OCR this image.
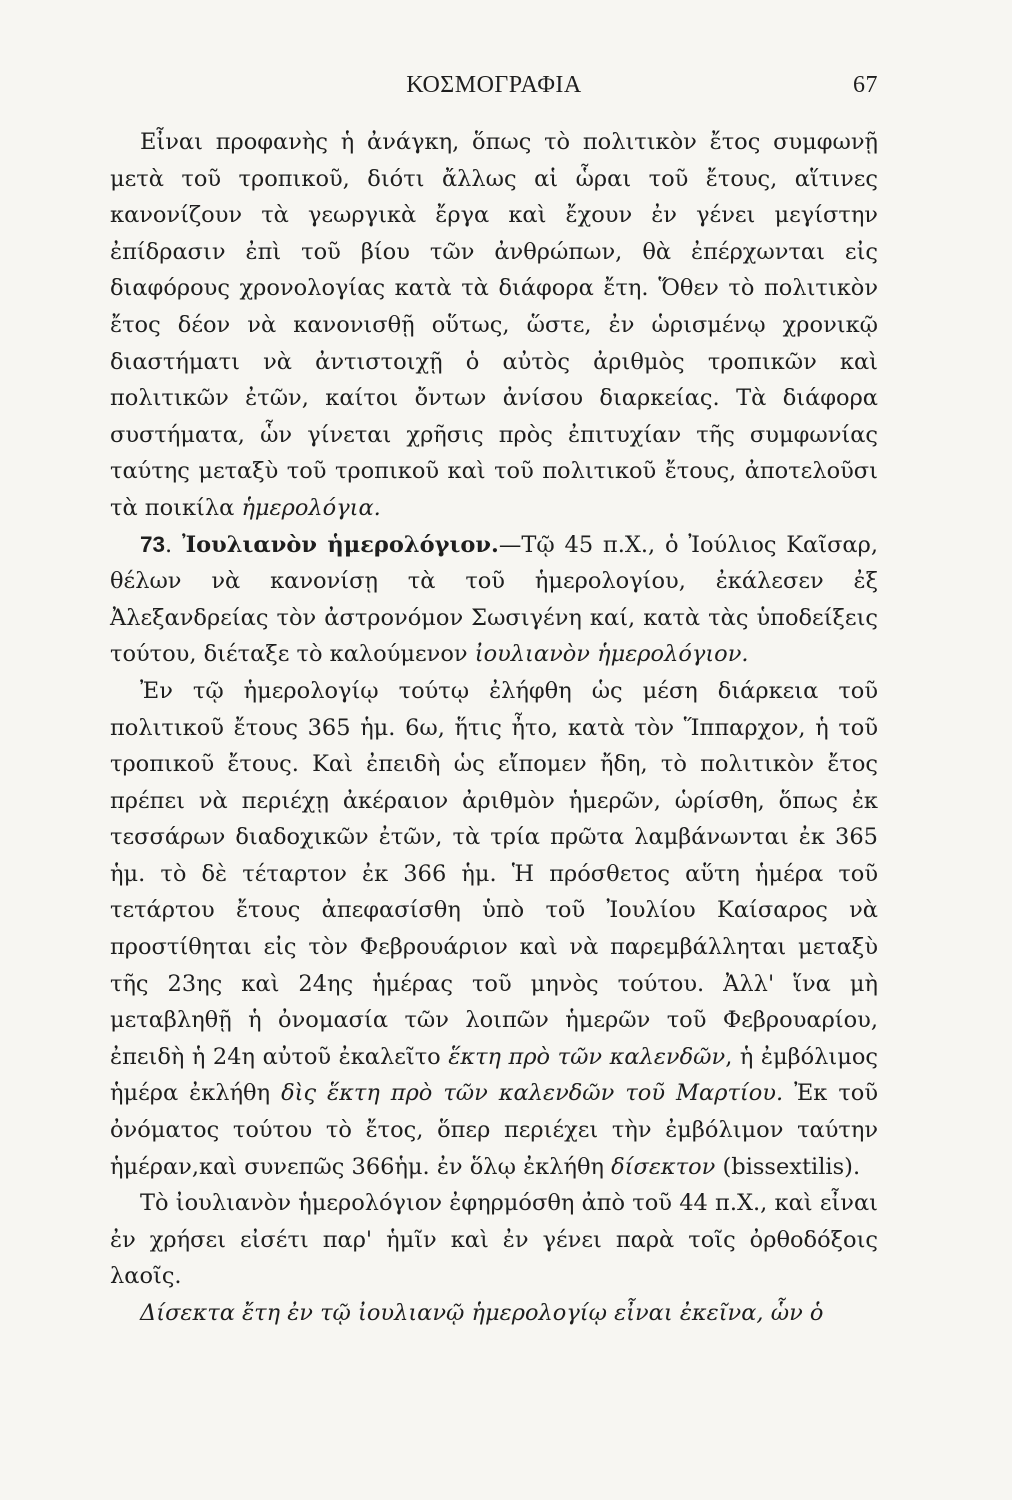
ΚΟΣΜΟΓΡΑΦΙΑ	67

Εἶναι προφανὴς ἡ ἀνάγκη, ὅπως τὸ πολιτικὸν ἔτος συμφωνῇ μετὰ τοῦ τροπικοῦ, διότι ἄλλως αἱ ὧραι τοῦ ἔτους, αἵτινες κανονίζουν τὰ γεωργικὰ ἔργα καὶ ἔχουν ἐν γένει μεγίστην ἐπίδρασιν ἐπὶ τοῦ βίου τῶν ἀνθρώπων, θὰ ἐπέρχωνται εἰς διαφόρους χρονολογίας κατὰ τὰ διάφορα ἔτη. Ὅθεν τὸ πολιτικὸν ἔτος δέον νὰ κανονισθῇ οὕτως, ὥστε, ἐν ὡρισμένῳ χρονικῷ διαστήματι νὰ ἀντιστοιχῇ ὁ αὐτὸς ἀριθμὸς τροπικῶν καὶ πολιτικῶν ἐτῶν, καίτοι ὄντων ἀνίσου διαρκείας. Τὰ διάφορα συστήματα, ὧν γίνεται χρῆσις πρὸς ἐπιτυχίαν τῆς συμφωνίας ταύτης μεταξὺ τοῦ τροπικοῦ καὶ τοῦ πολιτικοῦ ἔτους, ἀποτελοῦσι τὰ ποικίλα ἡμερολόγια.

73. Ἰουλιανὸν ἡμερολόγιον.—Τῷ 45 π.Χ., ὁ Ἰούλιος Καῖσαρ, θέλων νὰ κανονίσῃ τὰ τοῦ ἡμερολογίου, ἐκάλεσεν ἐξ Ἀλεξανδρείας τὸν ἀστρονόμον Σωσιγένη καί, κατὰ τὰς ὑποδείξεις τούτου, διέταξε τὸ καλούμενον ἰουλιανὸν ἡμερολόγιον.

Ἐν τῷ ἡμερολογίῳ τούτῳ ἐλήφθη ὡς μέση διάρκεια τοῦ πολιτικοῦ ἔτους 365 ἡμ. 6ω, ἥτις ἦτο, κατὰ τὸν Ἵππαρχον, ἡ τοῦ τροπικοῦ ἔτους. Καὶ ἐπειδὴ ὡς εἴπομεν ἤδη, τὸ πολιτικὸν ἔτος πρέπει νὰ περιέχῃ ἀκέραιον ἀριθμὸν ἡμερῶν, ὡρίσθη, ὅπως ἐκ τεσσάρων διαδοχικῶν ἐτῶν, τὰ τρία πρῶτα λαμβάνωνται ἐκ 365 ἡμ. τὸ δὲ τέταρτον ἐκ 366 ἡμ. Ἡ πρόσθετος αὕτη ἡμέρα τοῦ τετάρτου ἔτους ἀπεφασίσθη ὑπὸ τοῦ Ἰουλίου Καίσαρος νὰ προστίθηται εἰς τὸν Φεβρουάριον καὶ νὰ παρεμβάλληται μεταξὺ τῆς 23ης καὶ 24ης ἡμέρας τοῦ μηνὸς τούτου. Ἀλλ' ἵνα μὴ μεταβληθῇ ἡ ὀνομασία τῶν λοιπῶν ἡμερῶν τοῦ Φεβρουαρίου, ἐπειδὴ ἡ 24η αὐτοῦ ἐκαλεῖτο ἕκτη πρὸ τῶν καλενδῶν, ἡ ἐμβόλιμος ἡμέρα ἐκλήθη δὶς ἕκτη πρὸ τῶν καλενδῶν τοῦ Μαρτίου. Ἐκ τοῦ ὀνόματος τούτου τὸ ἔτος, ὅπερ περιέχει τὴν ἐμβόλιμον ταύτην ἡμέραν,καὶ συνεπῶς 366ἡμ. ἐν ὅλῳ ἐκλήθη δίσεκτον (bissextilis).

Τὸ ἰουλιανὸν ἡμερολόγιον ἐφηρμόσθη ἀπὸ τοῦ 44 π.Χ., καὶ εἶναι ἐν χρήσει εἰσέτι παρ' ἡμῖν καὶ ἐν γένει παρὰ τοῖς ὀρθοδόξοις λαοῖς.

Δίσεκτα ἔτη ἐν τῷ ἰουλιανῷ ἡμερολογίῳ εἶναι ἐκεῖνα, ὧν ὁ
